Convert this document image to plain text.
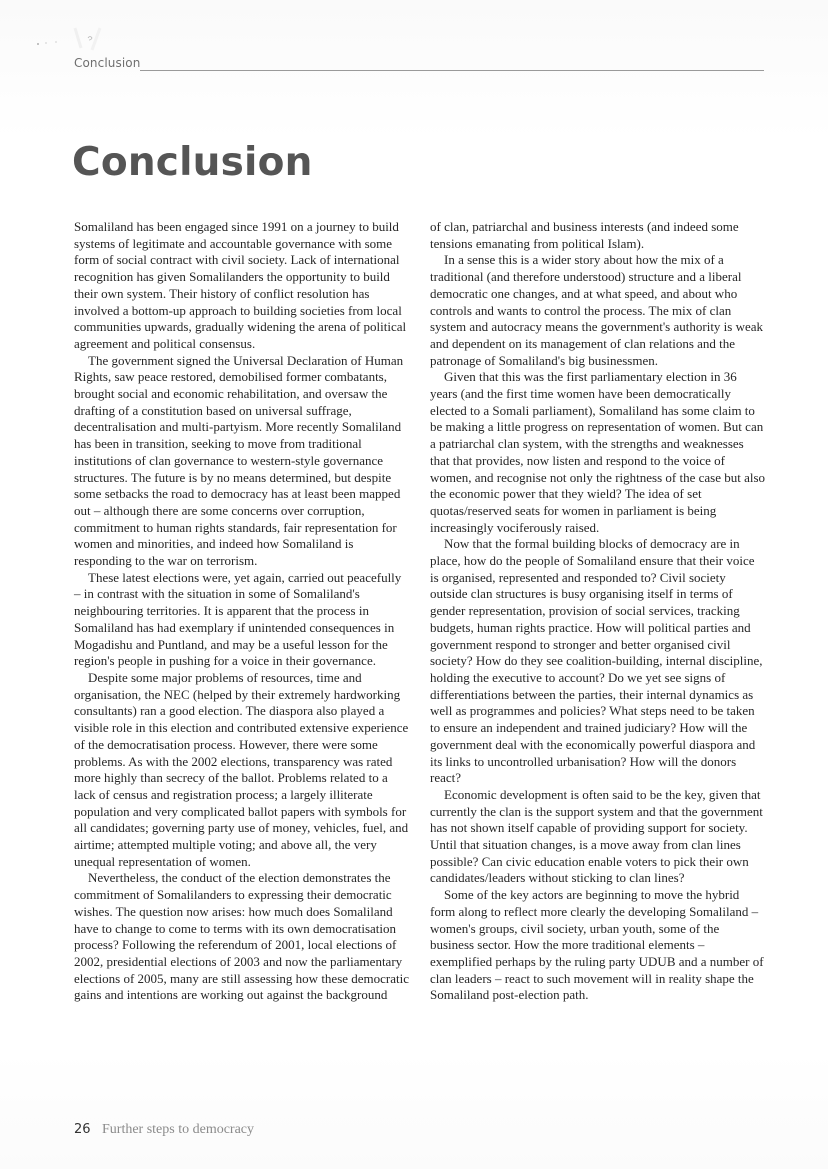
Conclusion
Conclusion

Somaliland has been engaged since 1991 on a journey to build systems of legitimate and accountable governance with some form of social contract with civil society. Lack of international recognition has given Somalilanders the opportunity to build their own system. Their history of conflict resolution has involved a bottom-up approach to building societies from local communities upwards, gradually widening the arena of political agreement and political consensus.

The government signed the Universal Declaration of Human Rights, saw peace restored, demobilised former combatants, brought social and economic rehabilitation, and oversaw the drafting of a constitution based on universal suffrage, decentralisation and multi-partyism. More recently Somaliland has been in transition, seeking to move from traditional institutions of clan governance to western-style governance structures. The future is by no means determined, but despite some setbacks the road to democracy has at least been mapped out – although there are some concerns over corruption, commitment to human rights standards, fair representation for women and minorities, and indeed how Somaliland is responding to the war on terrorism.

These latest elections were, yet again, carried out peacefully – in contrast with the situation in some of Somaliland's neighbouring territories. It is apparent that the process in Somaliland has had exemplary if unintended consequences in Mogadishu and Puntland, and may be a useful lesson for the region's people in pushing for a voice in their governance.

Despite some major problems of resources, time and organisation, the NEC (helped by their extremely hardworking consultants) ran a good election. The diaspora also played a visible role in this election and contributed extensive experience of the democratisation process. However, there were some problems. As with the 2002 elections, transparency was rated more highly than secrecy of the ballot. Problems related to a lack of census and registration process; a largely illiterate population and very complicated ballot papers with symbols for all candidates; governing party use of money, vehicles, fuel, and airtime; attempted multiple voting; and above all, the very unequal representation of women.

Nevertheless, the conduct of the election demonstrates the commitment of Somalilanders to expressing their democratic wishes. The question now arises: how much does Somaliland have to change to come to terms with its own democratisation process? Following the referendum of 2001, local elections of 2002, presidential elections of 2003 and now the parliamentary elections of 2005, many are still assessing how these democratic gains and intentions are working out against the background

of clan, patriarchal and business interests (and indeed some tensions emanating from political Islam).

In a sense this is a wider story about how the mix of a traditional (and therefore understood) structure and a liberal democratic one changes, and at what speed, and about who controls and wants to control the process. The mix of clan system and autocracy means the government's authority is weak and dependent on its management of clan relations and the patronage of Somaliland's big businessmen.

Given that this was the first parliamentary election in 36 years (and the first time women have been democratically elected to a Somali parliament), Somaliland has some claim to be making a little progress on representation of women. But can a patriarchal clan system, with the strengths and weaknesses that that provides, now listen and respond to the voice of women, and recognise not only the rightness of the case but also the economic power that they wield? The idea of set quotas/reserved seats for women in parliament is being increasingly vociferously raised.

Now that the formal building blocks of democracy are in place, how do the people of Somaliland ensure that their voice is organised, represented and responded to? Civil society outside clan structures is busy organising itself in terms of gender representation, provision of social services, tracking budgets, human rights practice. How will political parties and government respond to stronger and better organised civil society? How do they see coalition-building, internal discipline, holding the executive to account? Do we yet see signs of differentiations between the parties, their internal dynamics as well as programmes and policies? What steps need to be taken to ensure an independent and trained judiciary? How will the government deal with the economically powerful diaspora and its links to uncontrolled urbanisation? How will the donors react?

Economic development is often said to be the key, given that currently the clan is the support system and that the government has not shown itself capable of providing support for society. Until that situation changes, is a move away from clan lines possible? Can civic education enable voters to pick their own candidates/leaders without sticking to clan lines?

Some of the key actors are beginning to move the hybrid form along to reflect more clearly the developing Somaliland – women's groups, civil society, urban youth, some of the business sector. How the more traditional elements – exemplified perhaps by the ruling party UDUB and a number of clan leaders – react to such movement will in reality shape the Somaliland post-election path.

26 Further steps to democracy
